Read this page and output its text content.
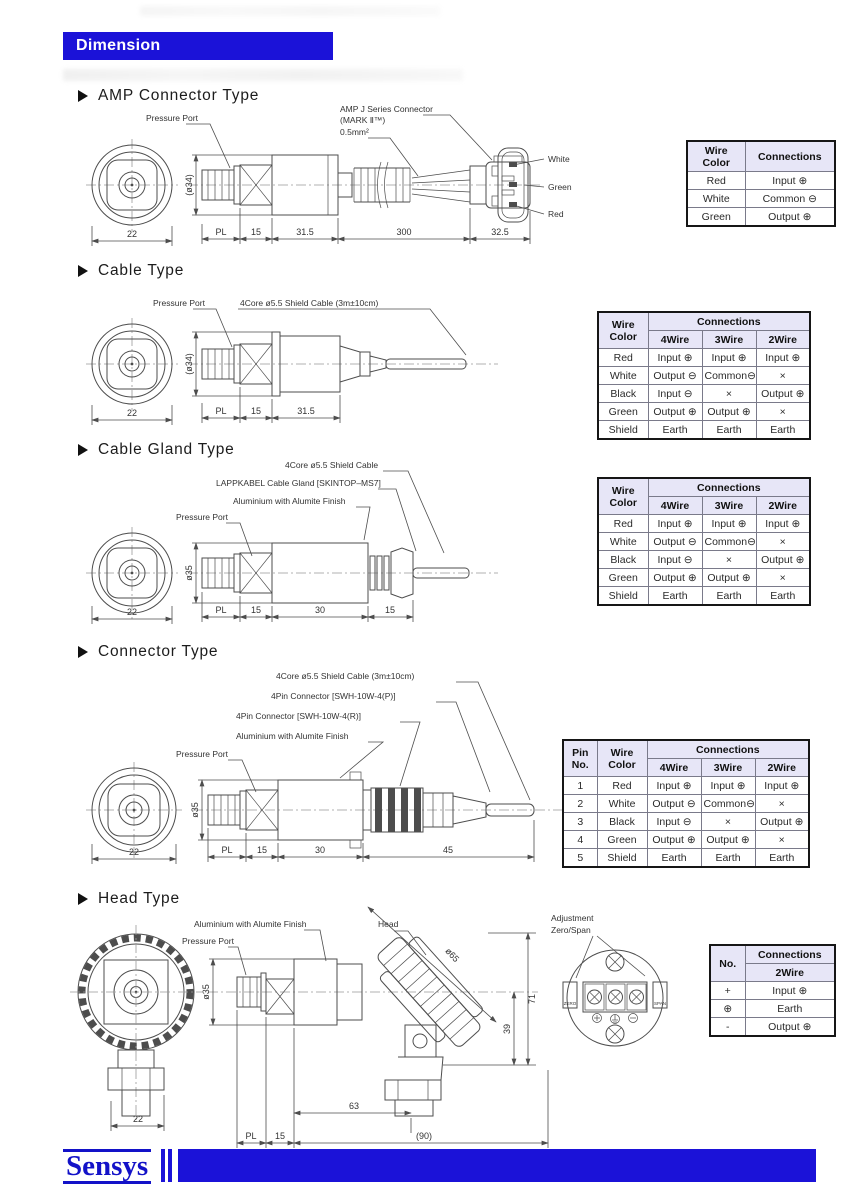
Dimension
AMP Connector Type
22
(ø34)
PL	15	31.5	300	32.5
Pressure Port
AMP J Series Connector
(MARK Ⅱ™)
0.5mm²
White
Green
Red
Wire Color	Connections
Red	Input ⊕
White	Common ⊖
Green	Output ⊕
Cable Type
22
(ø34)
PL	15	31.5
Pressure Port	4Core ø5.5 Shield Cable (3m±10cm)
Wire Color	Connections		
	4Wire	3Wire	2Wire
Red	Input ⊕	Input ⊕	Input ⊕
White	Output ⊖	Common⊖	×
Black	Input ⊖	×	Output ⊕
Green	Output ⊕	Output ⊕	×
Shield	Earth	Earth	Earth
Cable Gland Type
4Core ø5.5 Shield Cable
LAPPKABEL Cable Gland [SKINTOP–MS7]
Aluminium with Alumite Finish
Pressure Port
22
ø35
PL	15	30	15
Wire Color	Connections		
	4Wire	3Wire	2Wire
Red	Input ⊕	Input ⊕	Input ⊕
White	Output ⊖	Common⊖	×
Black	Input ⊖	×	Output ⊕
Green	Output ⊕	Output ⊕	×
Shield	Earth	Earth	Earth
Connector Type
4Core ø5.5 Shield Cable (3m±10cm)
4Pin Connector [SWH-10W-4(P)]
4Pin Connector [SWH-10W-4(R)]
Aluminium with Alumite Finish
Pressure Port
22
ø35
PL	15	30	45
Pin No.	Wire Color	Connections		
		4Wire	3Wire	2Wire
1	Red	Input ⊕	Input ⊕	Input ⊕
2	White	Output ⊖	Common⊖	×
3	Black	Input ⊖	×	Output ⊕
4	Green	Output ⊕	Output ⊕	×
5	Shield	Earth	Earth	Earth
Head Type
Aluminium with Alumite Finish	Head
Pressure Port
22
ø35
ø65
71
39
63
PL 15	(90)
Adjustment
Zero/Span
ZERO	SPAN
No.	Connections
	2Wire
+	Input ⊕
⊕	Earth
-	Output ⊕
Sensys
